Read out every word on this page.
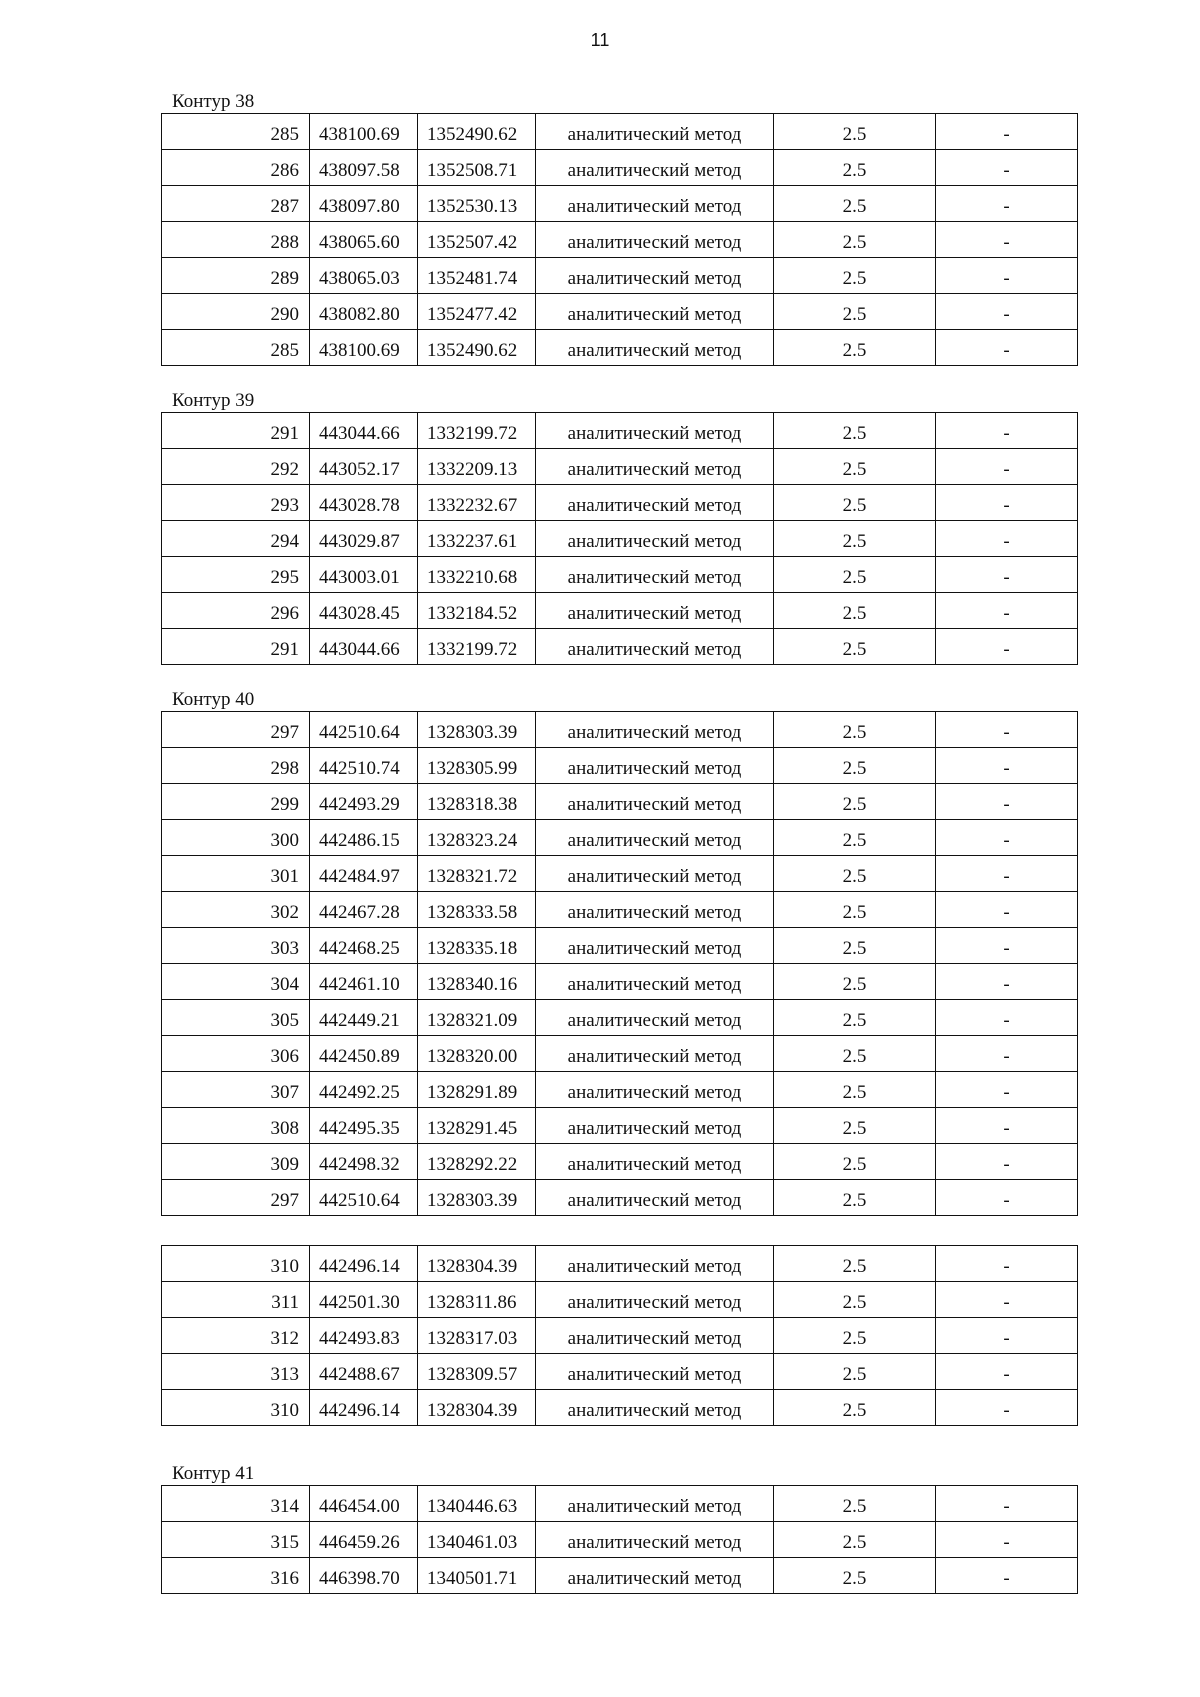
11
Контур 38
285	438100.69	1352490.62	аналитический метод	2.5	-
286	438097.58	1352508.71	аналитический метод	2.5	-
287	438097.80	1352530.13	аналитический метод	2.5	-
288	438065.60	1352507.42	аналитический метод	2.5	-
289	438065.03	1352481.74	аналитический метод	2.5	-
290	438082.80	1352477.42	аналитический метод	2.5	-
285	438100.69	1352490.62	аналитический метод	2.5	-
Контур 39
291	443044.66	1332199.72	аналитический метод	2.5	-
292	443052.17	1332209.13	аналитический метод	2.5	-
293	443028.78	1332232.67	аналитический метод	2.5	-
294	443029.87	1332237.61	аналитический метод	2.5	-
295	443003.01	1332210.68	аналитический метод	2.5	-
296	443028.45	1332184.52	аналитический метод	2.5	-
291	443044.66	1332199.72	аналитический метод	2.5	-
Контур 40
297	442510.64	1328303.39	аналитический метод	2.5	-
298	442510.74	1328305.99	аналитический метод	2.5	-
299	442493.29	1328318.38	аналитический метод	2.5	-
300	442486.15	1328323.24	аналитический метод	2.5	-
301	442484.97	1328321.72	аналитический метод	2.5	-
302	442467.28	1328333.58	аналитический метод	2.5	-
303	442468.25	1328335.18	аналитический метод	2.5	-
304	442461.10	1328340.16	аналитический метод	2.5	-
305	442449.21	1328321.09	аналитический метод	2.5	-
306	442450.89	1328320.00	аналитический метод	2.5	-
307	442492.25	1328291.89	аналитический метод	2.5	-
308	442495.35	1328291.45	аналитический метод	2.5	-
309	442498.32	1328292.22	аналитический метод	2.5	-
297	442510.64	1328303.39	аналитический метод	2.5	-
310	442496.14	1328304.39	аналитический метод	2.5	-
311	442501.30	1328311.86	аналитический метод	2.5	-
312	442493.83	1328317.03	аналитический метод	2.5	-
313	442488.67	1328309.57	аналитический метод	2.5	-
310	442496.14	1328304.39	аналитический метод	2.5	-
Контур 41
314	446454.00	1340446.63	аналитический метод	2.5	-
315	446459.26	1340461.03	аналитический метод	2.5	-
316	446398.70	1340501.71	аналитический метод	2.5	-
